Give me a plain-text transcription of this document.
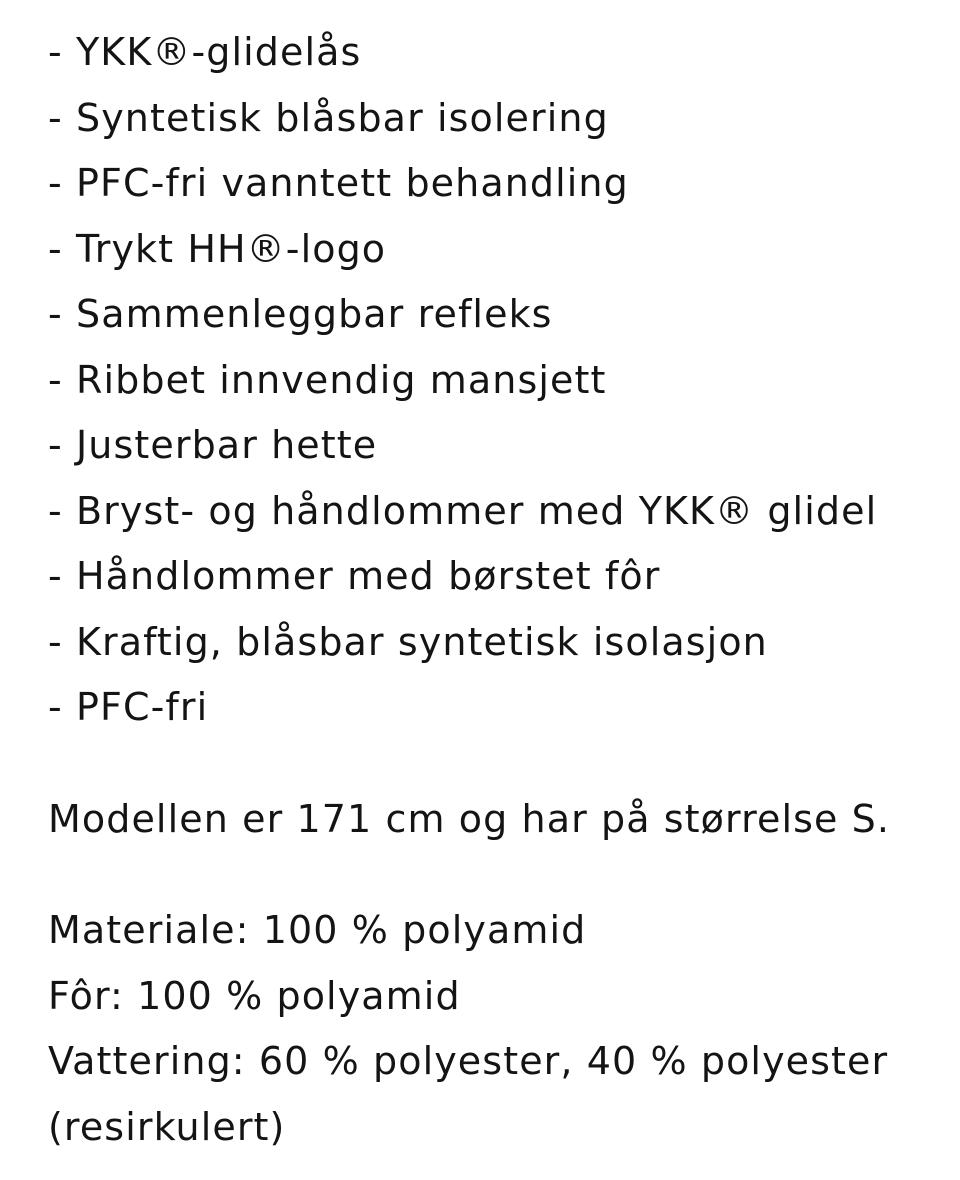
- YKK®-glidelås
- Syntetisk blåsbar isolering
- PFC-fri vanntett behandling
- Trykt HH®-logo
- Sammenleggbar refleks
- Ribbet innvendig mansjett
- Justerbar hette
- Bryst- og håndlommer med YKK® glidel
- Håndlommer med børstet fôr
- Kraftig, blåsbar syntetisk isolasjon
- PFC-fri
Modellen er 171 cm og har på størrelse S.
Materiale: 100 % polyamid
Fôr: 100 % polyamid
Vattering: 60 % polyester, 40 % polyester
(resirkulert)
